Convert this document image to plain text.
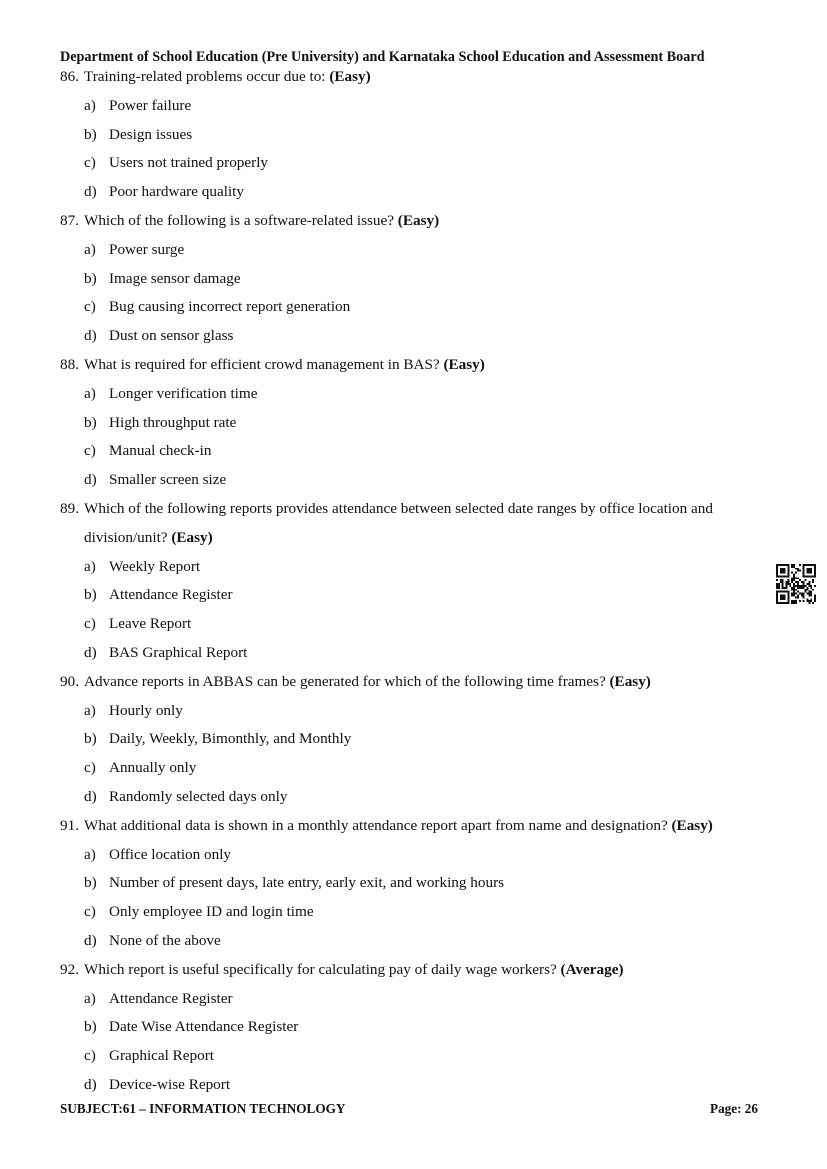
Department of School Education (Pre University) and Karnataka School Education and Assessment Board
86. Training-related problems occur due to: (Easy)
a) Power failure
b) Design issues
c) Users not trained properly
d) Poor hardware quality
87. Which of the following is a software-related issue? (Easy)
a) Power surge
b) Image sensor damage
c) Bug causing incorrect report generation
d) Dust on sensor glass
88. What is required for efficient crowd management in BAS? (Easy)
a) Longer verification time
b) High throughput rate
c) Manual check-in
d) Smaller screen size
89. Which of the following reports provides attendance between selected date ranges by office location and division/unit? (Easy)
a) Weekly Report
b) Attendance Register
c) Leave Report
d) BAS Graphical Report
90. Advance reports in ABBAS can be generated for which of the following time frames? (Easy)
a) Hourly only
b) Daily, Weekly, Bimonthly, and Monthly
c) Annually only
d) Randomly selected days only
91. What additional data is shown in a monthly attendance report apart from name and designation? (Easy)
a) Office location only
b) Number of present days, late entry, early exit, and working hours
c) Only employee ID and login time
d) None of the above
92. Which report is useful specifically for calculating pay of daily wage workers? (Average)
a) Attendance Register
b) Date Wise Attendance Register
c) Graphical Report
d) Device-wise Report
SUBJECT:61 – INFORMATION TECHNOLOGY	Page: 26
